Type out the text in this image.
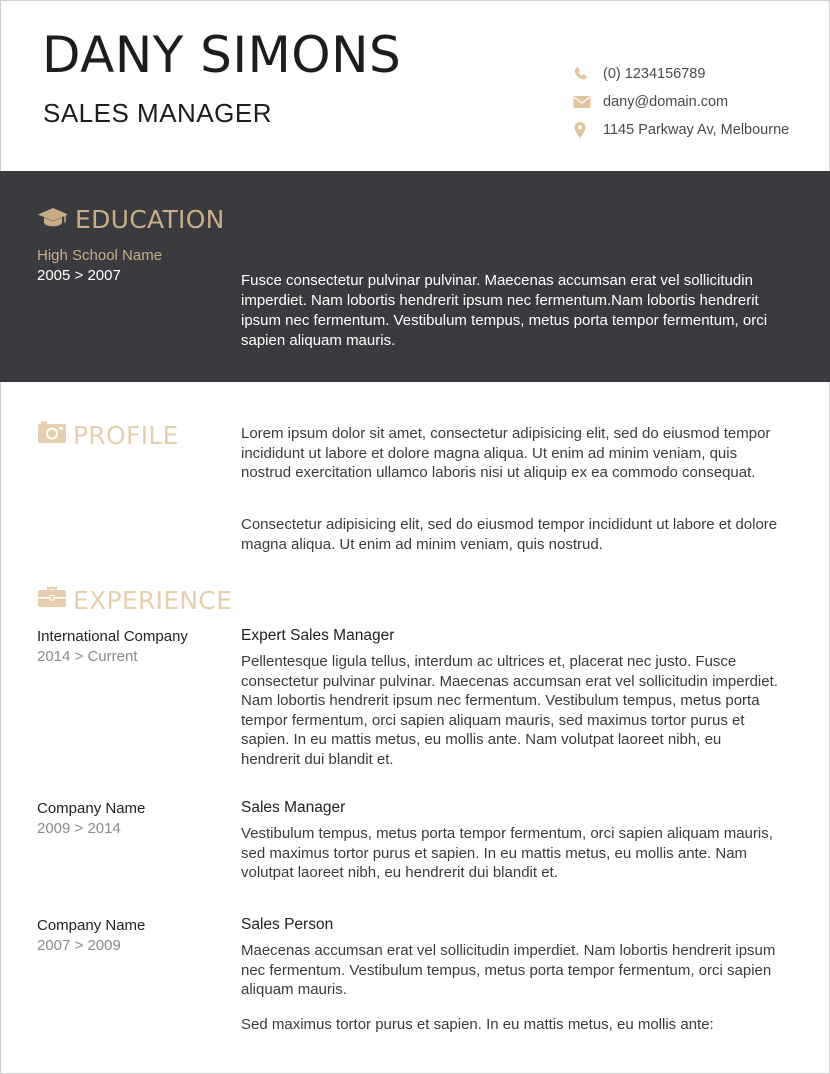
DANY SIMONS
SALES MANAGER
(0) 1234156789
dany@domain.com
1145 Parkway Av, Melbourne
EDUCATION
High School Name
2005 > 2007	Fusce consectetur pulvinar pulvinar. Maecenas accumsan erat vel sollicitudin imperdiet. Nam lobortis hendrerit ipsum nec fermentum.Nam lobortis hendrerit ipsum nec fermentum. Vestibulum tempus, metus porta tempor fermentum, orci sapien aliquam mauris.
PROFILE	Lorem ipsum dolor sit amet, consectetur adipisicing elit, sed do eiusmod tempor incididunt ut labore et dolore magna aliqua. Ut enim ad minim veniam, quis nostrud exercitation ullamco laboris nisi ut aliquip ex ea commodo consequat.
Consectetur adipisicing elit, sed do eiusmod tempor incididunt ut labore et dolore magna aliqua. Ut enim ad minim veniam, quis nostrud.
EXPERIENCE
International Company
2014 > Current
Expert Sales Manager
Pellentesque ligula tellus, interdum ac ultrices et, placerat nec justo. Fusce consectetur pulvinar pulvinar. Maecenas accumsan erat vel sollicitudin imperdiet. Nam lobortis hendrerit ipsum nec fermentum. Vestibulum tempus, metus porta tempor fermentum, orci sapien aliquam mauris, sed maximus tortor purus et sapien. In eu mattis metus, eu mollis ante. Nam volutpat laoreet nibh, eu hendrerit dui blandit et.
Company Name
2009 > 2014
Sales Manager
Vestibulum tempus, metus porta tempor fermentum, orci sapien aliquam mauris, sed maximus tortor purus et sapien. In eu mattis metus, eu mollis ante. Nam volutpat laoreet nibh, eu hendrerit dui blandit et.
Company Name
2007 > 2009
Sales Person
Maecenas accumsan erat vel sollicitudin imperdiet. Nam lobortis hendrerit ipsum nec fermentum. Vestibulum tempus, metus porta tempor fermentum, orci sapien aliquam mauris.
Sed maximus tortor purus et sapien. In eu mattis metus, eu mollis ante:
